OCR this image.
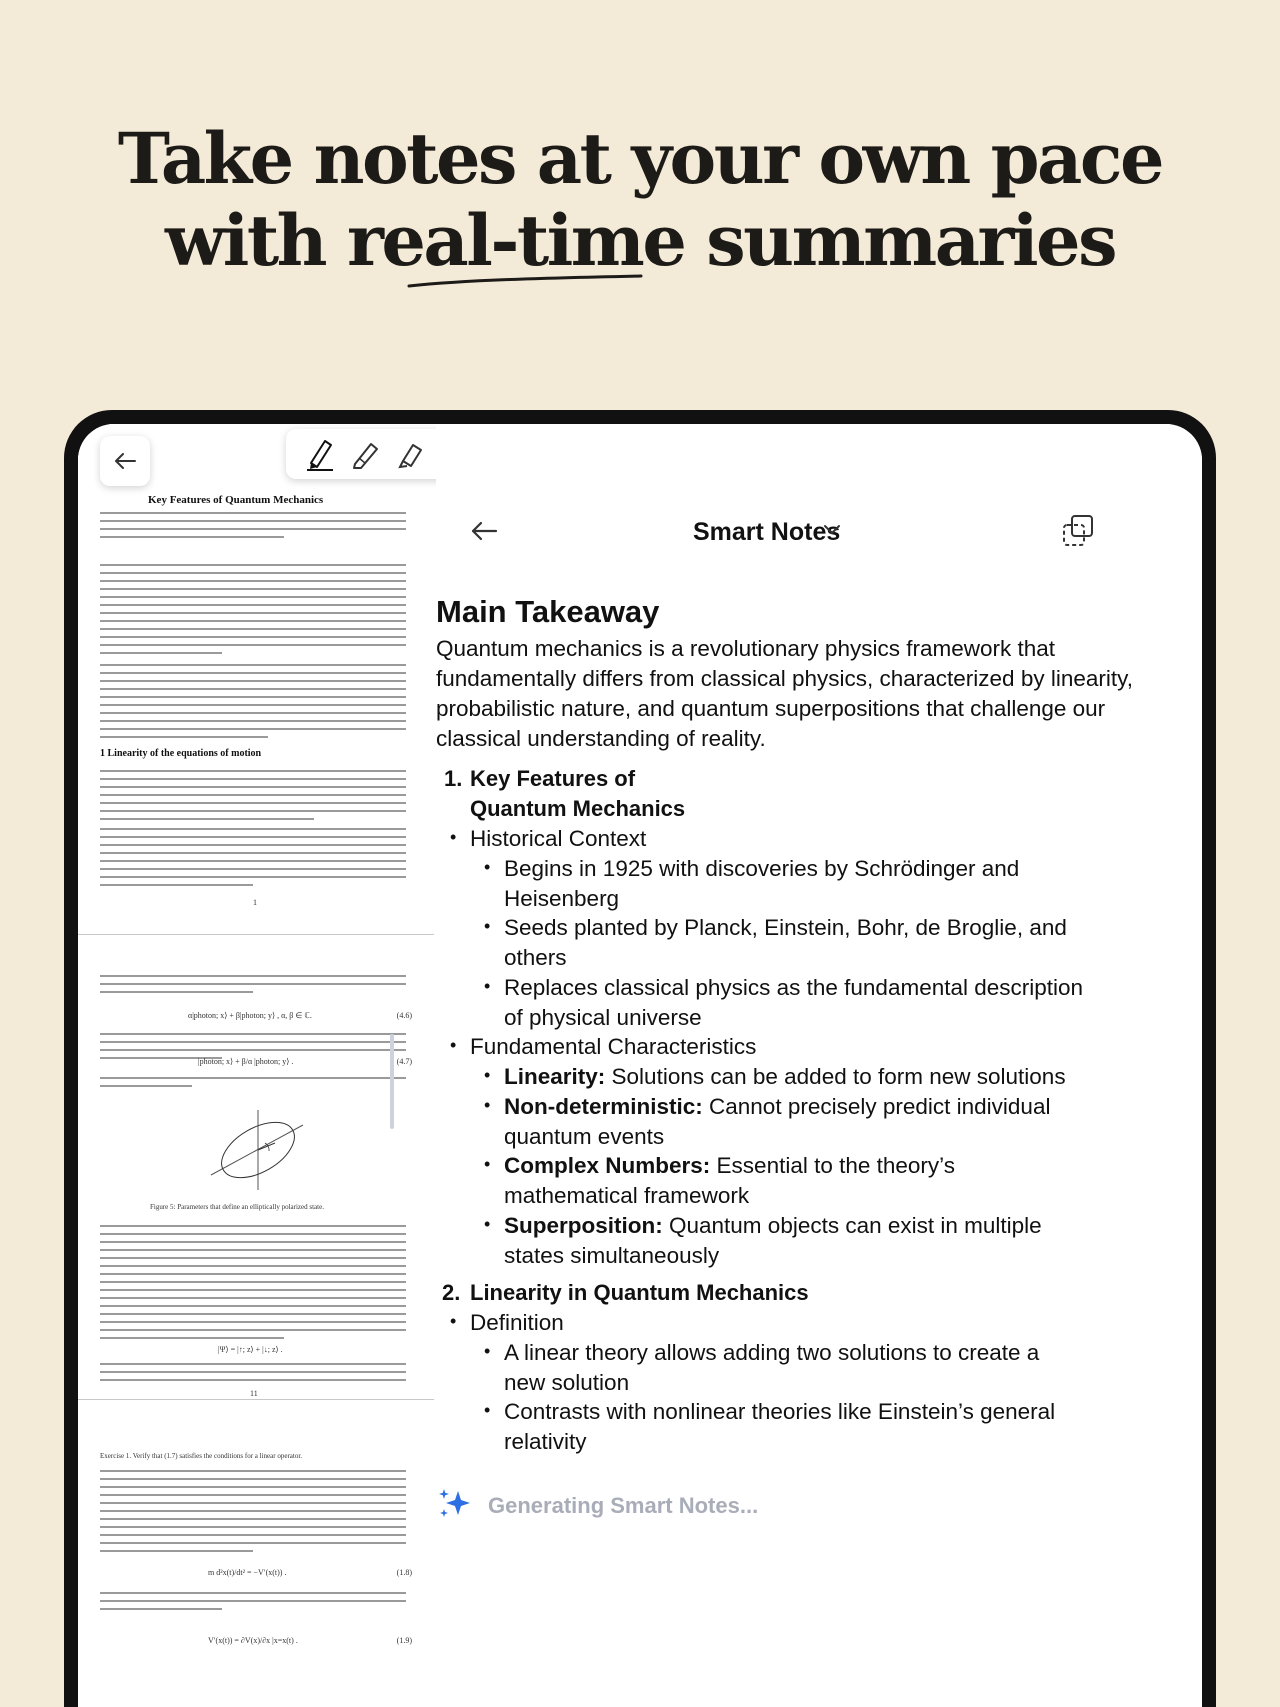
Take notes at your own pace
with real-time summaries
Key Features of Quantum Mechanics
1 Linearity of the equations of motion
1
α|photon; x⟩ + β|photon; y⟩ , α, β ∈ ℂ.	(4.6)
|photon; x⟩ + β/α |photon; y⟩ .	(4.7)
Figure 5: Parameters that define an elliptically polarized state.
|Ψ⟩ = |↑; z⟩ + |↓; z⟩ .
11
Exercise 1. Verify that (1.7) satisfies the conditions for a linear operator.
m d²x(t)/dt² = −V′(x(t)) .	(1.8)
V′(x(t)) = ∂V(x)/∂x |x=x(t) .	(1.9)
Smart Notes
Main Takeaway
Quantum mechanics is a revolutionary physics framework that fundamentally differs from classical physics, characterized by linearity, probabilistic nature, and quantum superpositions that challenge our classical understanding of reality.
1. Key Features of
Quantum Mechanics
• Historical Context
• Begins in 1925 with discoveries by Schrödinger and
Heisenberg
• Seeds planted by Planck, Einstein, Bohr, de Broglie, and
others
• Replaces classical physics as the fundamental description
of physical universe
• Fundamental Characteristics
• Linearity: Solutions can be added to form new solutions
• Non-deterministic: Cannot precisely predict individual
quantum events
• Complex Numbers: Essential to the theory’s
mathematical framework
• Superposition: Quantum objects can exist in multiple
states simultaneously
2. Linearity in Quantum Mechanics
• Definition
• A linear theory allows adding two solutions to create a
new solution
• Contrasts with nonlinear theories like Einstein’s general
relativity
Generating Smart Notes...
